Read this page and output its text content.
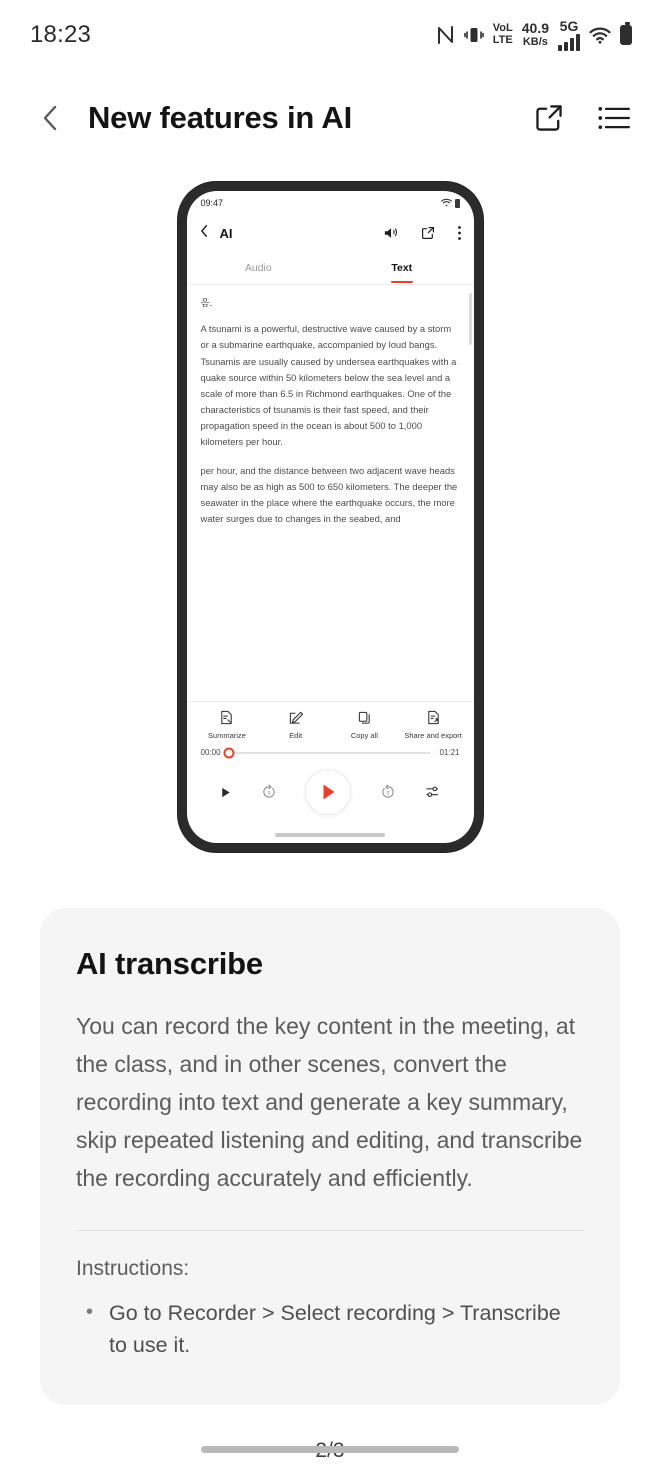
18:23	VoL
LTE
40.9
KB/s
5G

New features in AI
09:47
AI
Audio	Text

음.

A tsunami is a powerful, destructive wave caused by a storm or a submarine earthquake, accompanied by loud bangs. Tsunamis are usually caused by undersea earthquakes with a quake source within 50 kilometers below the sea level and a scale of more than 6.5 in Richmond earthquakes. One of the characteristics of tsunamis is their fast speed, and their propagation speed in the ocean is about 500 to 1,000 kilometers per hour.

per hour, and the distance between two adjacent wave heads may also be as high as 500 to 650 kilometers. The deeper the seawater in the place where the earthquake occurs, the more water surges due to changes in the seabed, and

Summarize	Edit	Copy all	Share and export
00:00	01:21
3	3
AI transcribe

You can record the key content in the meeting, at the class, and in other scenes, convert the recording into text and generate a key summary, skip repeated listening and editing, and transcribe the recording accurately and efficiently.

Instructions:

• Go to Recorder > Select recording > Transcribe to use it.
